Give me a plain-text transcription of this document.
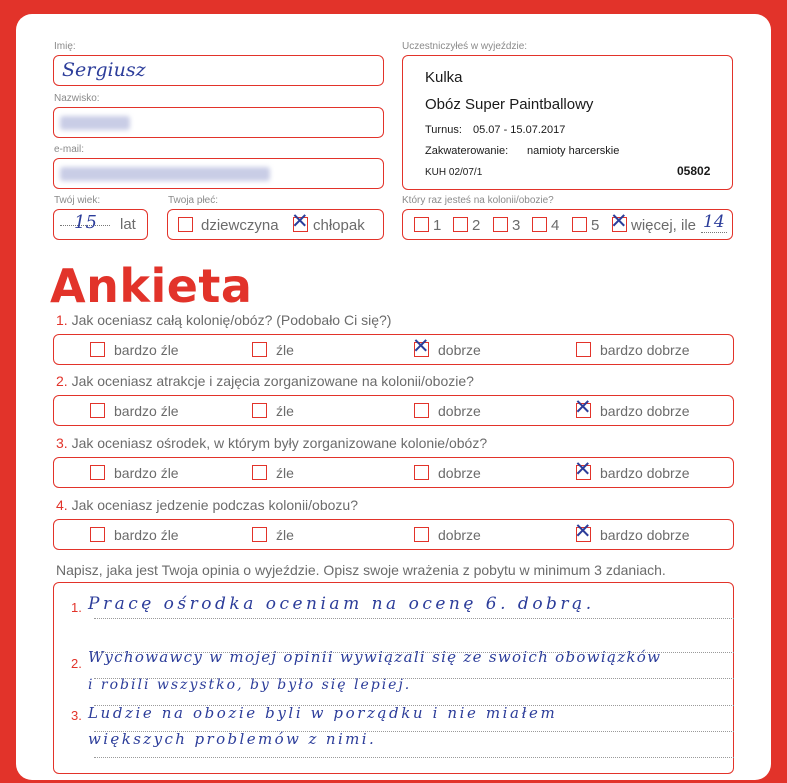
Imię:
Sergiusz
Nazwisko:
e-mail:
Twój wiek:
15 lat
Twoja płeć:
dziewczyna ✕ chłopak
Uczestniczyłeś w wyjeździe:
Kulka
Obóz Super Paintballowy
Turnus: 05.07 - 15.07.2017
Zakwaterowanie: namioty harcerskie
KUH 02/07/1	05802
Który raz jesteś na kolonii/obozie?
1 2 3 4 5 ✕ więcej, ile 14
Ankieta
1. Jak oceniasz całą kolonię/obóz? (Podobało Ci się?)
bardzo źle	źle	✕ dobrze	bardzo dobrze
2. Jak oceniasz atrakcje i zajęcia zorganizowane na kolonii/obozie?
bardzo źle	źle	dobrze	✕ bardzo dobrze
3. Jak oceniasz ośrodek, w którym były zorganizowane kolonie/obóz?
bardzo źle	źle	dobrze	✕ bardzo dobrze
4. Jak oceniasz jedzenie podczas kolonii/obozu?
bardzo źle	źle	dobrze	✕ bardzo dobrze
Napisz, jaka jest Twoja opinia o wyjeździe. Opisz swoje wrażenia z pobytu w minimum 3 zdaniach.
1.
2.
3.
Pracę ośrodka oceniam na ocenę 6. dobrą.
Wychowawcy w mojej opinii wywiązali się ze swoich obowiązków
i robili wszystko, by było się lepiej.
Ludzie na obozie byli w porządku i nie miałem
większych problemów z nimi.
